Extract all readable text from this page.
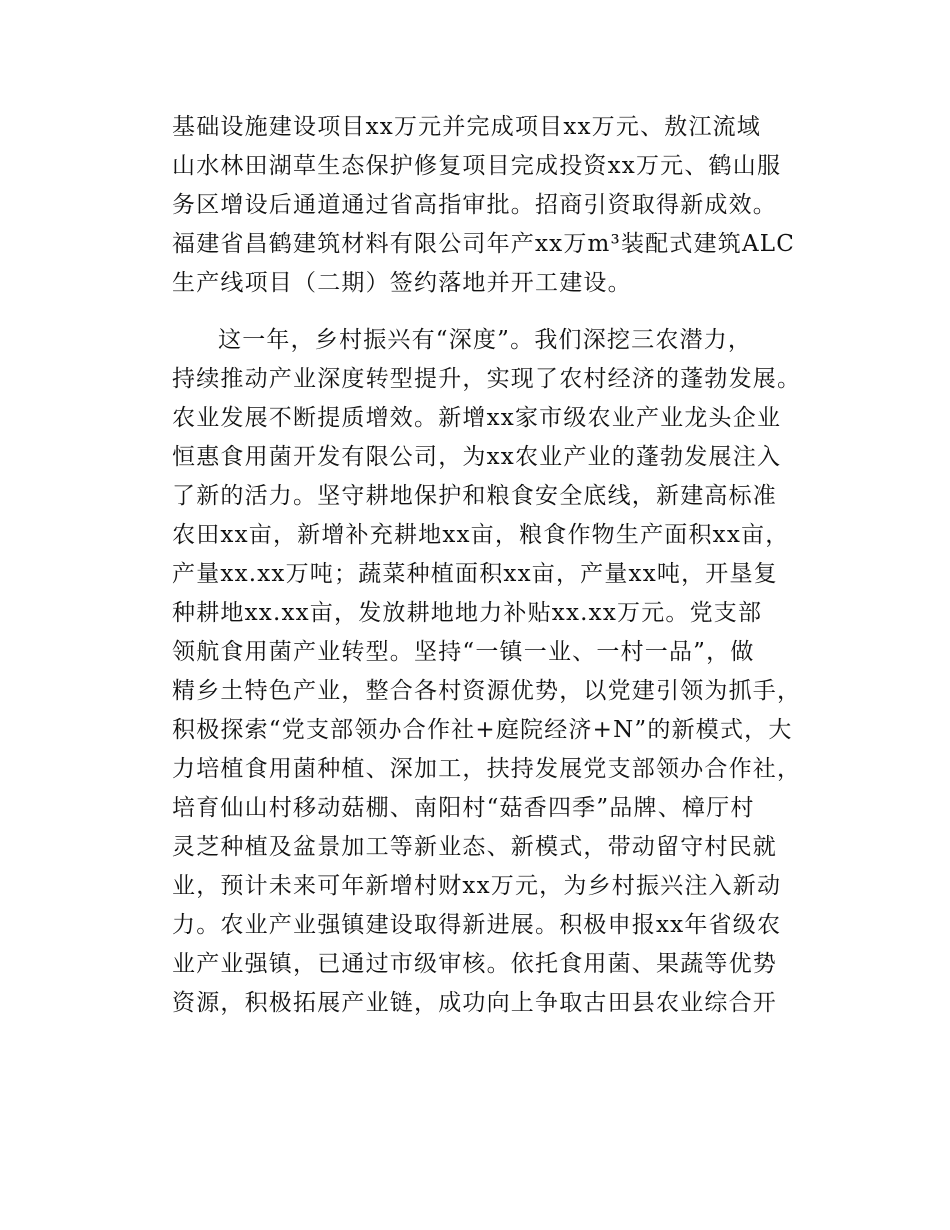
基础设施建设项目xx万元并完成项目xx万元、敖江流域
山水林田湖草生态保护修复项目完成投资xx万元、鹤山服
务区增设后通道通过省高指审批。招商引资取得新成效。
福建省昌鹤建筑材料有限公司年产xx万m³装配式建筑ALC
生产线项目（二期）签约落地并开工建设。

这一年，乡村振兴有“深度”。我们深挖三农潜力，
持续推动产业深度转型提升，实现了农村经济的蓬勃发展。
农业发展不断提质增效。新增xx家市级农业产业龙头企业
恒惠食用菌开发有限公司，为xx农业产业的蓬勃发展注入
了新的活力。坚守耕地保护和粮食安全底线，新建高标准
农田xx亩，新增补充耕地xx亩，粮食作物生产面积xx亩，
产量xx.xx万吨；蔬菜种植面积xx亩，产量xx吨，开垦复
种耕地xx.xx亩，发放耕地地力补贴xx.xx万元。党支部
领航食用菌产业转型。坚持“一镇一业、一村一品”，做
精乡土特色产业，整合各村资源优势，以党建引领为抓手，
积极探索“党支部领办合作社+庭院经济+N”的新模式，大
力培植食用菌种植、深加工，扶持发展党支部领办合作社，
培育仙山村移动菇棚、南阳村“菇香四季”品牌、樟厅村
灵芝种植及盆景加工等新业态、新模式，带动留守村民就
业，预计未来可年新增村财xx万元，为乡村振兴注入新动
力。农业产业强镇建设取得新进展。积极申报xx年省级农
业产业强镇，已通过市级审核。依托食用菌、果蔬等优势
资源，积极拓展产业链，成功向上争取古田县农业综合开
